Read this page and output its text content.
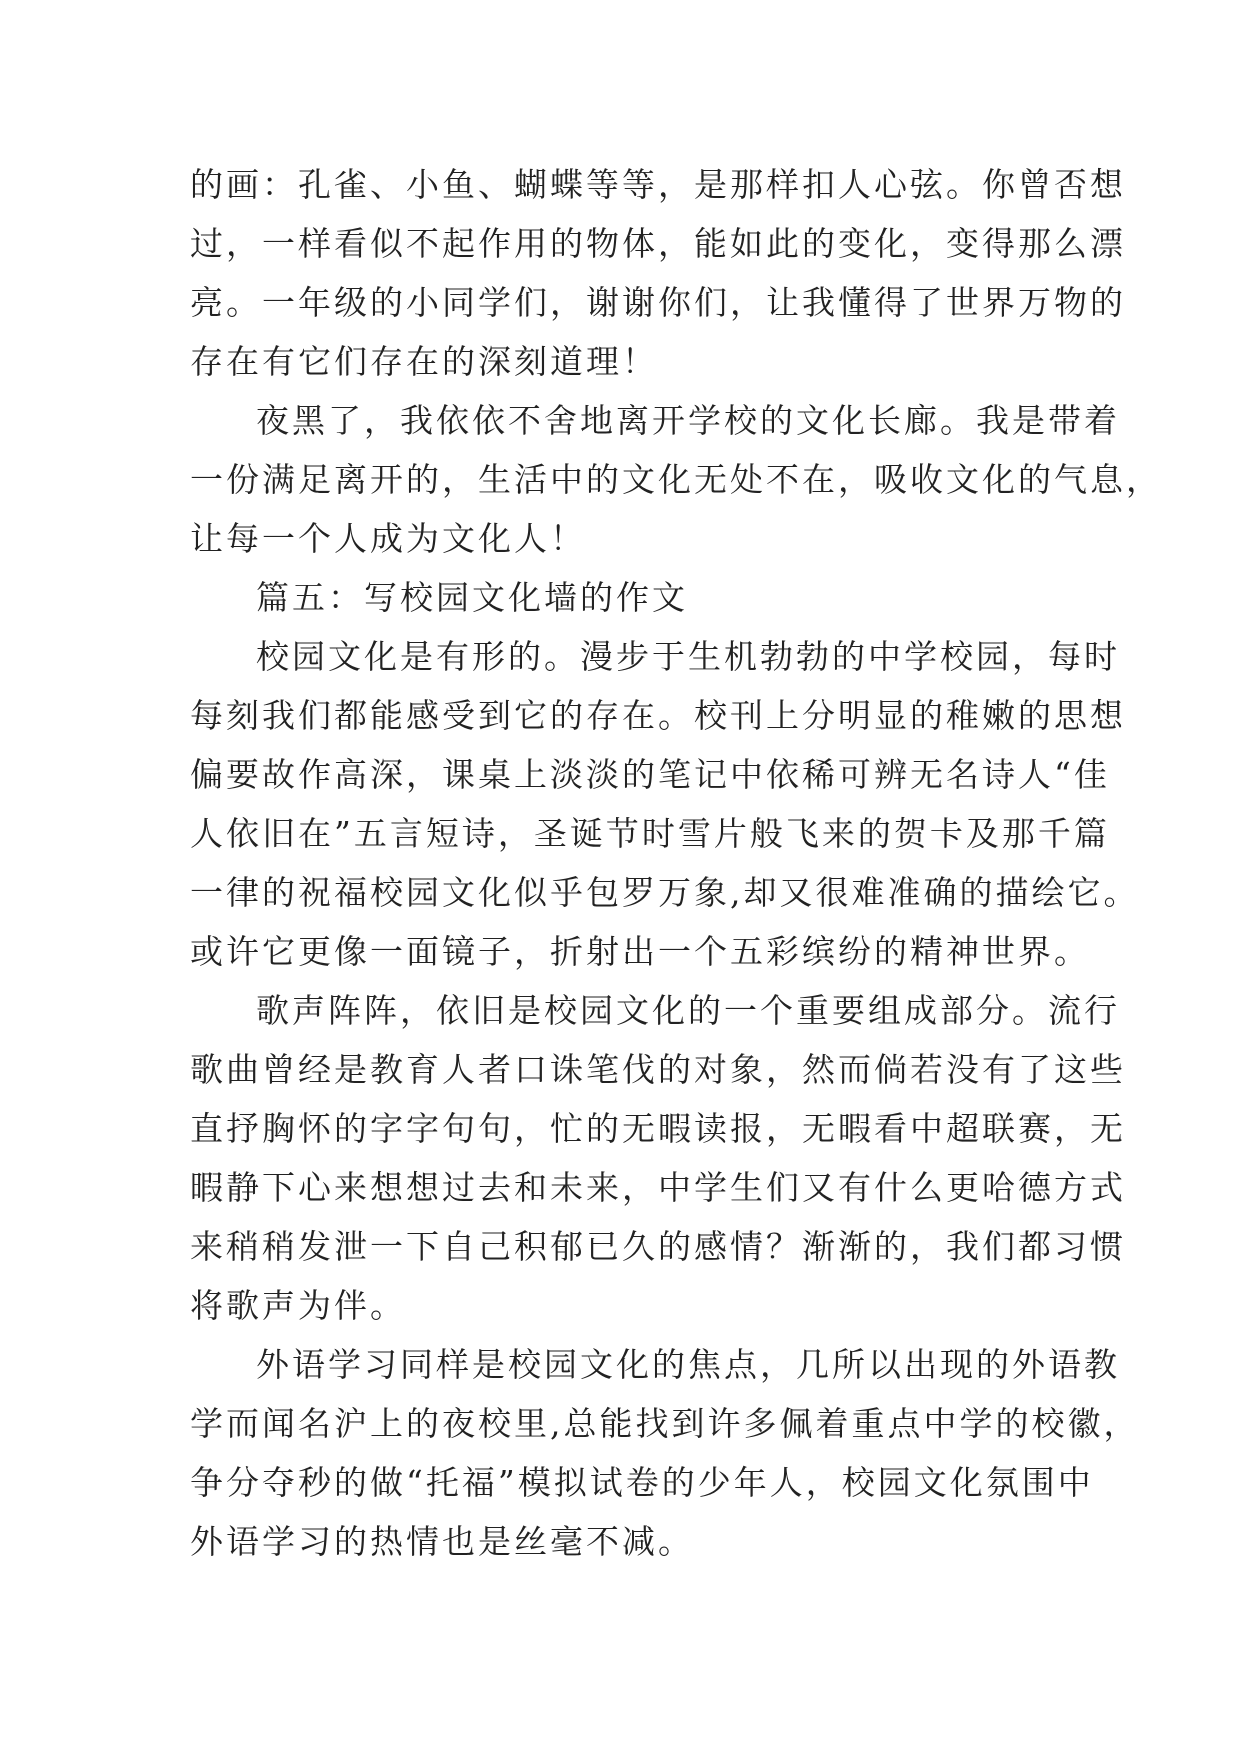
的画：孔雀、小鱼、蝴蝶等等，是那样扣人心弦。你曾否想
过，一样看似不起作用的物体，能如此的变化，变得那么漂
亮。一年级的小同学们，谢谢你们，让我懂得了世界万物的
存在有它们存在的深刻道理！

夜黑了，我依依不舍地离开学校的文化长廊。我是带着
一份满足离开的，生活中的文化无处不在，吸收文化的气息，
让每一个人成为文化人！

篇五：写校园文化墙的作文

校园文化是有形的。漫步于生机勃勃的中学校园，每时
每刻我们都能感受到它的存在。校刊上分明显的稚嫩的思想
偏要故作高深，课桌上淡淡的笔记中依稀可辨无名诗人“佳
人依旧在”五言短诗，圣诞节时雪片般飞来的贺卡及那千篇
一律的祝福校园文化似乎包罗万象,却又很难准确的描绘它。
或许它更像一面镜子，折射出一个五彩缤纷的精神世界。

歌声阵阵，依旧是校园文化的一个重要组成部分。流行
歌曲曾经是教育人者口诛笔伐的对象，然而倘若没有了这些
直抒胸怀的字字句句，忙的无暇读报，无暇看中超联赛，无
暇静下心来想想过去和未来，中学生们又有什么更哈德方式
来稍稍发泄一下自己积郁已久的感情？渐渐的，我们都习惯
将歌声为伴。

外语学习同样是校园文化的焦点，几所以出现的外语教
学而闻名沪上的夜校里,总能找到许多佩着重点中学的校徽，
争分夺秒的做“托福”模拟试卷的少年人，校园文化氛围中
外语学习的热情也是丝毫不减。
